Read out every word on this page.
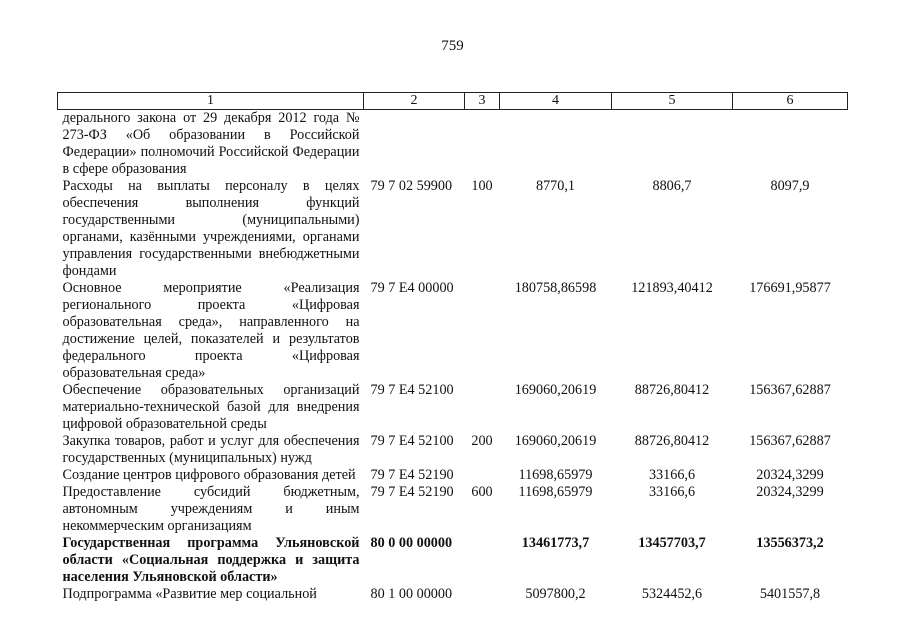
759
1	2	3	4	5	6
дерального закона от 29 декабря 2012 года № 273-ФЗ «Об образовании в Российской Федерации» полномочий Российской Федерации в сфере образования					
Расходы на выплаты персоналу в целях обеспечения выполнения функций государственными (муниципальными) органами, казёнными учреждениями, органами управления государственными внебюджетными фондами	79 7 02 59900	100	8770,1	8806,7	8097,9
Основное мероприятие «Реализация регионального проекта «Цифровая образовательная среда», направленного на достижение целей, показателей и результатов федерального проекта «Цифровая образовательная среда»	79 7 E4 00000		180758,86598	121893,40412	176691,95877
Обеспечение образовательных организаций материально-технической базой для внедрения цифровой образовательной среды	79 7 E4 52100		169060,20619	88726,80412	156367,62887
Закупка товаров, работ и услуг для обеспечения государственных (муниципальных) нужд	79 7 E4 52100	200	169060,20619	88726,80412	156367,62887
Создание центров цифрового образования детей	79 7 E4 52190		11698,65979	33166,6	20324,3299
Предоставление субсидий бюджетным, автономным учреждениям и иным некоммерческим организациям	79 7 E4 52190	600	11698,65979	33166,6	20324,3299
Государственная программа Ульяновской области «Социальная поддержка и защита населения Ульяновской области»	80 0 00 00000		13461773,7	13457703,7	13556373,2
Подпрограмма «Развитие мер социальной	80 1 00 00000		5097800,2	5324452,6	5401557,8
